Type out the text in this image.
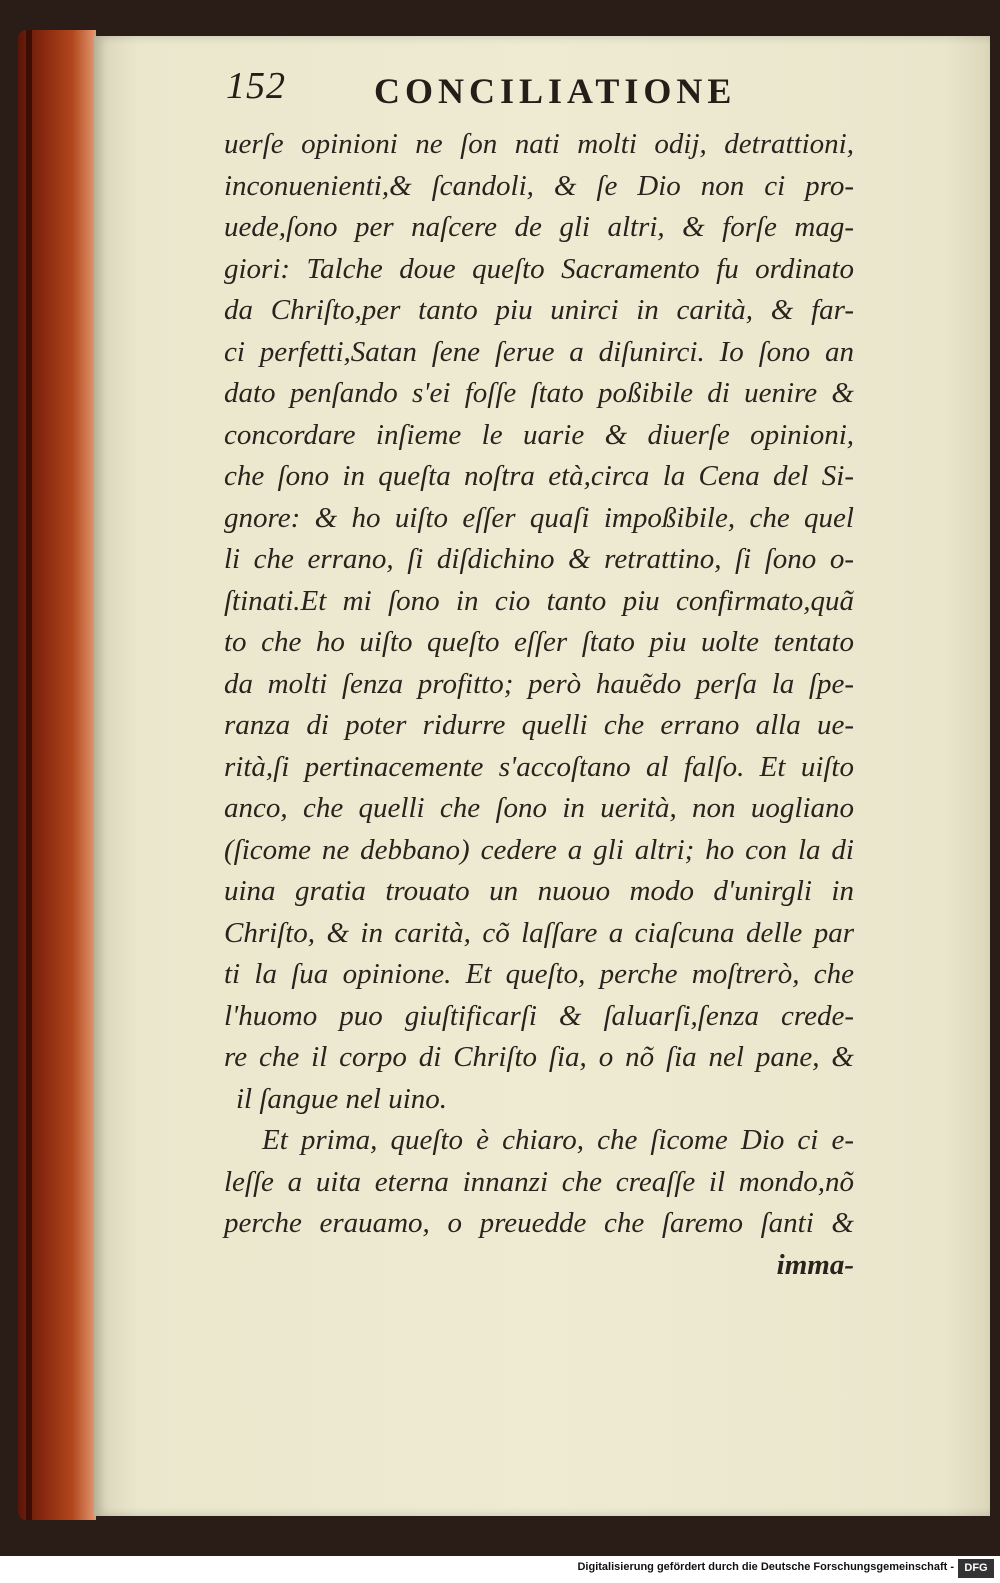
152 CONCILIATIONE
uerſe opinioni ne ſon nati molti odij, detrattioni,
inconuenienti,& ſcandoli, & ſe Dio non ci pro-
uede,ſono per naſcere de gli altri, & forſe mag-
giori: Talche doue queſto Sacramento fu ordinato
da Chriſto,per tanto piu unirci in carità, & far-
ci perfetti,Satan ſene ſerue a diſunirci. Io ſono an
dato penſando s'ei foſſe ſtato poßibile di uenire &
concordare inſieme le uarie & diuerſe opinioni,
che ſono in queſta noſtra età,circa la Cena del Si-
gnore: & ho uiſto eſſer quaſi impoßibile, che quel
li che errano, ſi diſdichino & retrattino, ſi ſono o-
ſtinati.Et mi ſono in cio tanto piu confirmato,quã
to che ho uiſto queſto eſſer ſtato piu uolte tentato
da molti ſenza profitto; però hauẽdo perſa la ſpe-
ranza di poter ridurre quelli che errano alla ue-
rità,ſi pertinacemente s'accoſtano al falſo. Et uiſto
anco, che quelli che ſono in uerità, non uogliano
(ſicome ne debbano) cedere a gli altri; ho con la di
uina gratia trouato un nuouo modo d'unirgli in
Chriſto, & in carità, cõ laſſare a ciaſcuna delle par
ti la ſua opinione. Et queſto, perche moſtrerò, che
l'huomo puo giuſtificarſi & ſaluarſi,ſenza crede-
re che il corpo di Chriſto ſia, o nõ ſia nel pane, &
il ſangue nel uino.
Et prima, queſto è chiaro, che ſicome Dio ci e-
leſſe a uita eterna innanzi che creaſſe il mondo,nõ
perche erauamo, o preuedde che ſaremo ſanti &
imma-
Digitalisierung gefördert durch die Deutsche Forschungsgemeinschaft - DFG
